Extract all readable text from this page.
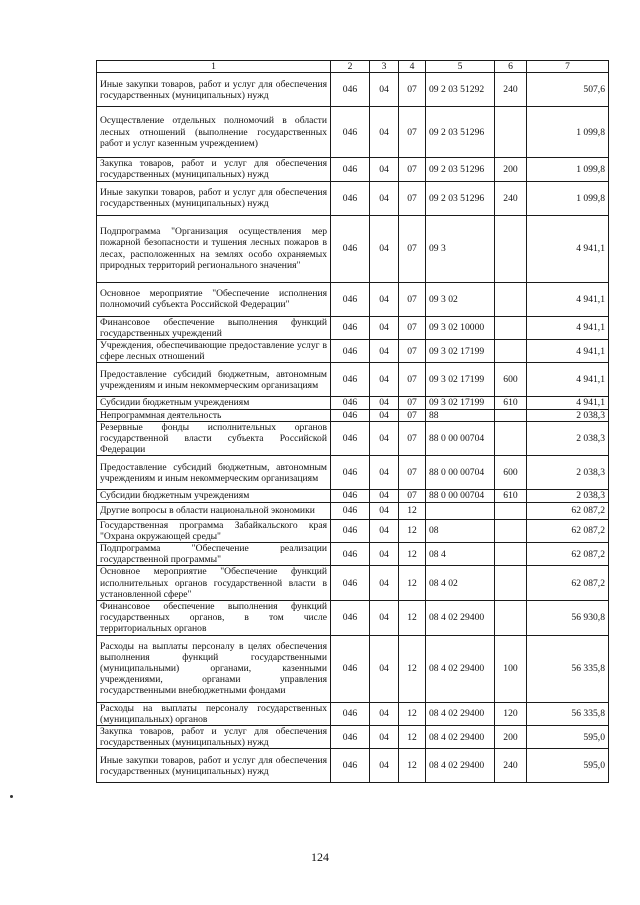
1	2	3	4	5	6	7
Иные закупки товаров, работ и услуг для обеспечения государственных (муниципальных) нужд	046	04	07	09 2 03 51292	240	507,6
Осуществление отдельных полномочий в области лесных отношений (выполнение государственных работ и услуг казенным учреждением)	046	04	07	09 2 03 51296		1 099,8
Закупка товаров, работ и услуг для обеспечения государственных (муниципальных) нужд	046	04	07	09 2 03 51296	200	1 099,8
Иные закупки товаров, работ и услуг для обеспечения государственных (муниципальных) нужд	046	04	07	09 2 03 51296	240	1 099,8
Подпрограмма "Организация осуществления мер пожарной безопасности и тушения лесных пожаров в лесах, расположенных на землях особо охраняемых природных территорий регионального значения"	046	04	07	09 3		4 941,1
Основное мероприятие "Обеспечение исполнения полномочий субъекта Российской Федерации"	046	04	07	09 3 02		4 941,1
Финансовое обеспечение выполнения функций государственных учреждений	046	04	07	09 3 02 10000		4 941,1
Учреждения, обеспечивающие предоставление услуг в сфере лесных отношений	046	04	07	09 3 02 17199		4 941,1
Предоставление субсидий бюджетным, автономным учреждениям и иным некоммерческим организациям	046	04	07	09 3 02 17199	600	4 941,1
Субсидии бюджетным учреждениям	046	04	07	09 3 02 17199	610	4 941,1
Непрограммная деятельность	046	04	07	88		2 038,3
Резервные фонды исполнительных органов государственной власти субъекта Российской Федерации	046	04	07	88 0 00 00704		2 038,3
Предоставление субсидий бюджетным, автономным учреждениям и иным некоммерческим организациям	046	04	07	88 0 00 00704	600	2 038,3
Субсидии бюджетным учреждениям	046	04	07	88 0 00 00704	610	2 038,3
Другие вопросы в области национальной экономики	046	04	12			62 087,2
Государственная программа Забайкальского края "Охрана окружающей среды"	046	04	12	08		62 087,2
Подпрограмма "Обеспечение реализации государственной программы"	046	04	12	08 4		62 087,2
Основное мероприятие "Обеспечение функций исполнительных органов государственной власти в установленной сфере"	046	04	12	08 4 02		62 087,2
Финансовое обеспечение выполнения функций государственных органов, в том числе территориальных органов	046	04	12	08 4 02 29400		56 930,8
Расходы на выплаты персоналу в целях обеспечения выполнения функций государственными (муниципальными) органами, казенными учреждениями, органами управления государственными внебюджетными фондами	046	04	12	08 4 02 29400	100	56 335,8
Расходы на выплаты персоналу государственных (муниципальных) органов	046	04	12	08 4 02 29400	120	56 335,8
Закупка товаров, работ и услуг для обеспечения государственных (муниципальных) нужд	046	04	12	08 4 02 29400	200	595,0
Иные закупки товаров, работ и услуг для обеспечения государственных (муниципальных) нужд	046	04	12	08 4 02 29400	240	595,0
124
